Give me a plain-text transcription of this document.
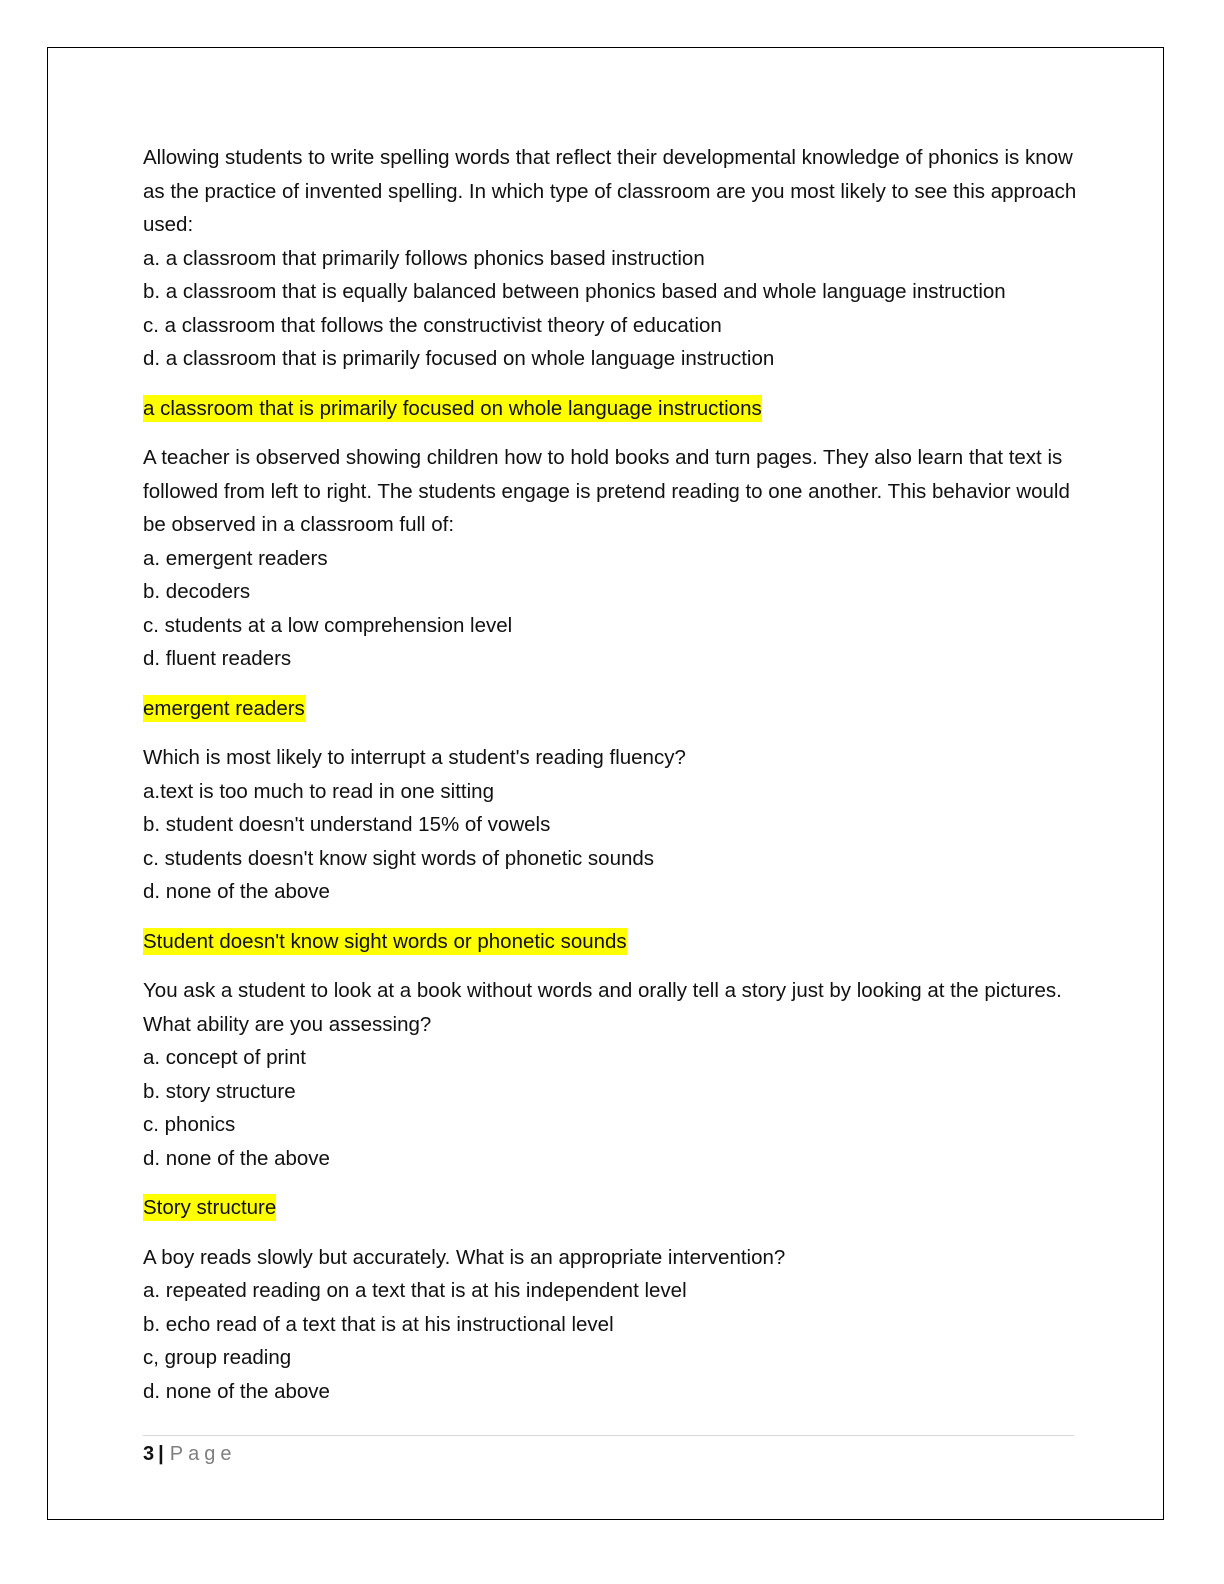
Allowing students to write spelling words that reflect their developmental knowledge of phonics is know as the practice of invented spelling. In which type of classroom are you most likely to see this approach used:

a. a classroom that primarily follows phonics based instruction
b. a classroom that is equally balanced between phonics based and whole language instruction
c. a classroom that follows the constructivist theory of education
d. a classroom that is primarily focused on whole language instruction
a classroom that is primarily focused on whole language instructions

A teacher is observed showing children how to hold books and turn pages. They also learn that text is followed from left to right. The students engage is pretend reading to one another. This behavior would be observed in a classroom full of:

a. emergent readers
b. decoders
c. students at a low comprehension level
d. fluent readers
emergent readers

Which is most likely to interrupt a student's reading fluency?

a.text is too much to read in one sitting
b. student doesn't understand 15% of vowels
c. students doesn't know sight words of phonetic sounds
d. none of the above
Student doesn't know sight words or phonetic sounds

You ask a student to look at a book without words and orally tell a story just by looking at the pictures. What ability are you assessing?

a. concept of print
b. story structure
c. phonics
d. none of the above
Story structure

A boy reads slowly but accurately. What is an appropriate intervention?

a. repeated reading on a text that is at his independent level
b. echo read of a text that is at his instructional level
c, group reading
d. none of the above
3 | Page
